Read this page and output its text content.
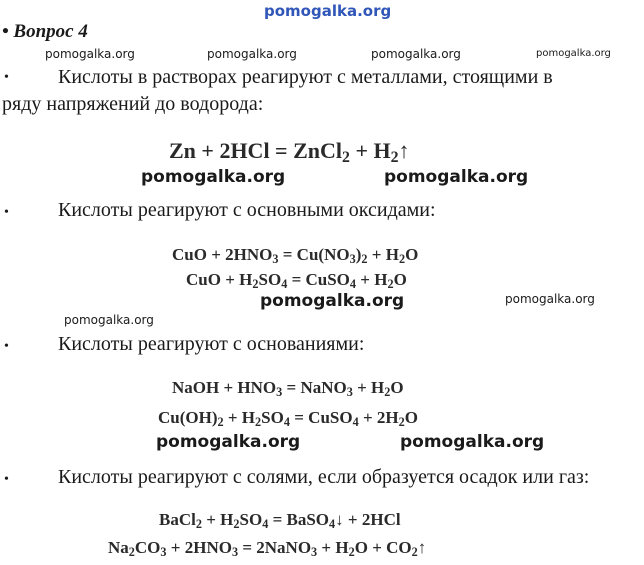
pomogalka.org
• Вопрос 4
pomogalka.org	pomogalka.org	pomogalka.org	pomogalka.org
• Кислоты в растворах реагируют с металлами, стоящими в
ряду напряжений до водорода:
Zn + 2HCl = ZnCl$_2$ + $H_2↑$
pomogalka.org	pomogalka.org
• Кислоты реагируют с основными оксидами:
CuO + $2HNO_3 = Cu(NO_3)_2 + H_2O$
CuO + $H_2SO_4$ = CuSO$_4$ + $H_2O$
pomogalka.org	pomogalka.org
pomogalka.org
• Кислоты реагируют с основаниями:
NaOH + $HNO_3$ = NaNO$_3$ + $H_2O$
$Cu(OH)_2 + H_2SO_4$ = CuSO$_4$ + $2H_2O$
pomogalka.org	pomogalka.org
• Кислоты реагируют с солями, если образуется осадок или газ:
BaCl$_2$ + $H_2SO_4$ = BaSO$_4$↓ + 2HCl
$Na_2CO_3 + 2HNO_3$ = 2NaNO$_3$ + $H_2O$ + $CO_2↑$
